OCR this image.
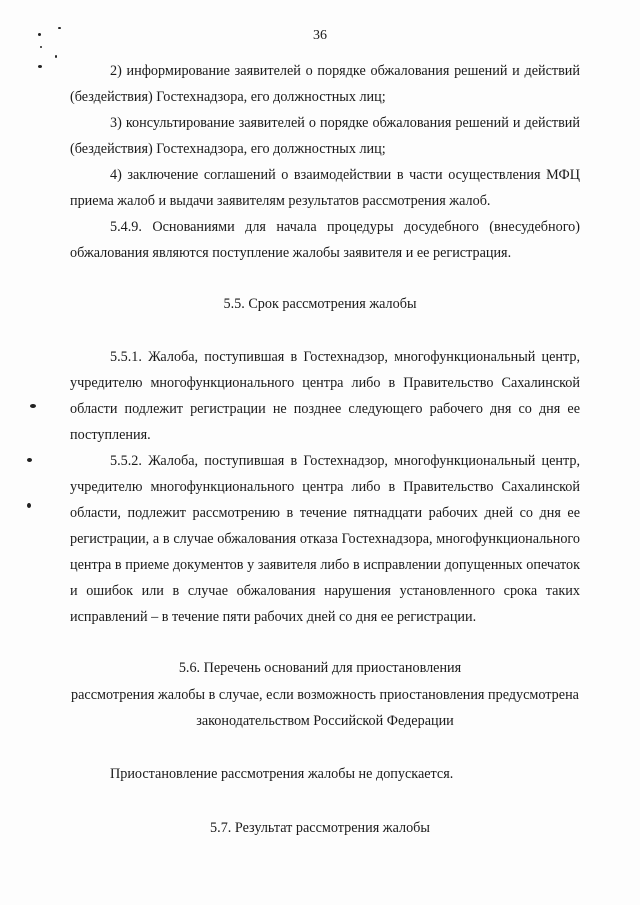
36

2) информирование заявителей о порядке обжалования решений и действий (бездействия) Гостехнадзора, его должностных лиц;

3) консультирование заявителей о порядке обжалования решений и действий (бездействия) Гостехнадзора, его должностных лиц;

4) заключение соглашений о взаимодействии в части осуществления МФЦ приема жалоб и выдачи заявителям результатов рассмотрения жалоб.

5.4.9. Основаниями для начала процедуры досудебного (внесудебного) обжалования являются поступление жалобы заявителя и ее регистрация.

5.5. Срок рассмотрения жалобы

5.5.1. Жалоба, поступившая в Гостехнадзор, многофункциональный центр, учредителю многофункционального центра либо в Правительство Сахалинской области подлежит регистрации не позднее следующего рабочего дня со дня ее поступления.

5.5.2. Жалоба, поступившая в Гостехнадзор, многофункциональный центр, учредителю многофункционального центра либо в Правительство Сахалинской области, подлежит рассмотрению в течение пятнадцати рабочих дней со дня ее регистрации, а в случае обжалования отказа Гостехнадзора, многофункционального центра в приеме документов у заявителя либо в исправлении допущенных опечаток и ошибок или в случае обжалования нарушения установленного срока таких исправлений – в течение пяти рабочих дней со дня ее регистрации.

5.6. Перечень оснований для приостановления

рассмотрения жалобы в случае, если возможность приостановления предусмотрена законодательством Российской Федерации

Приостановление рассмотрения жалобы не допускается.

5.7. Результат рассмотрения жалобы
